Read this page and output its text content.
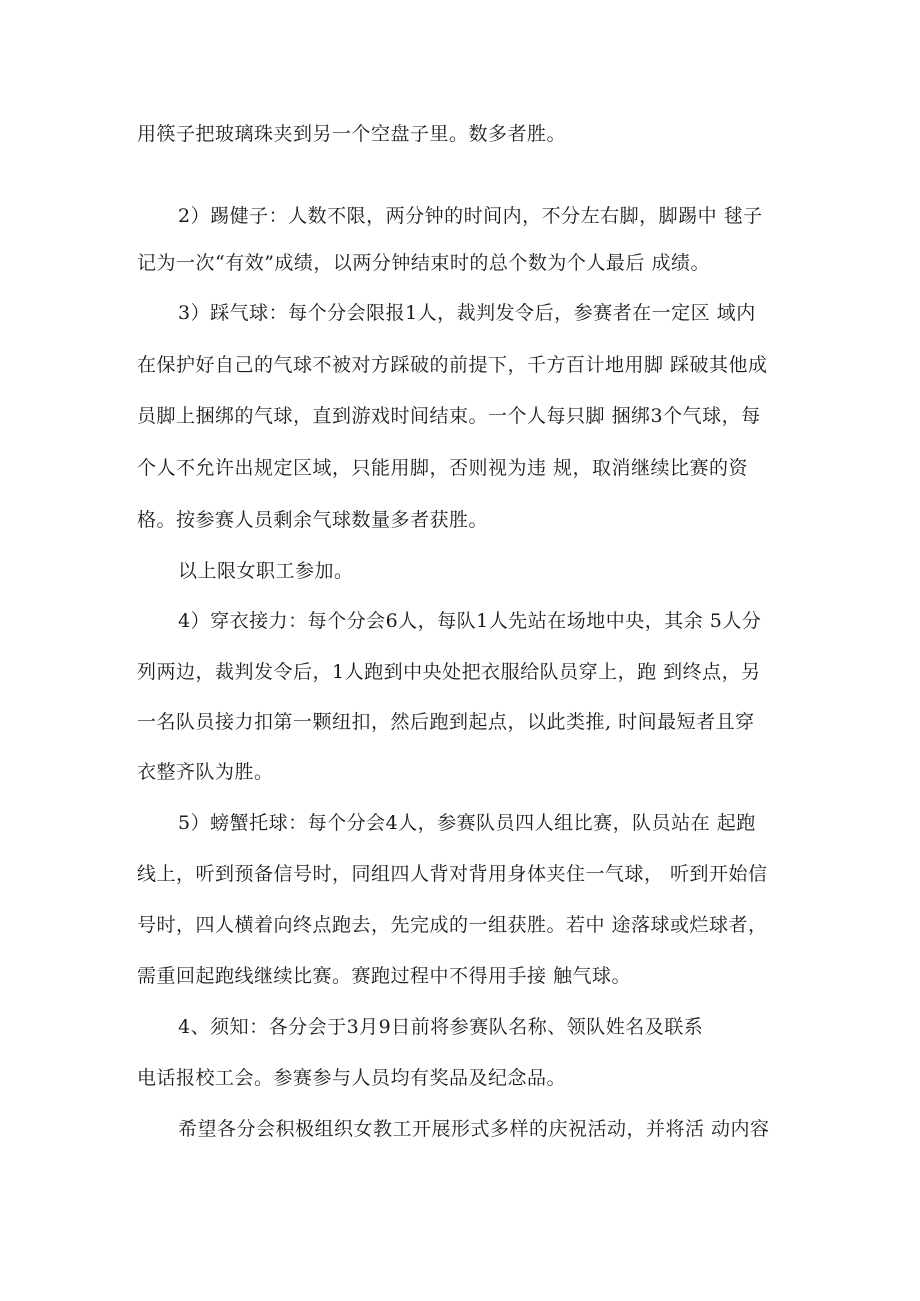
用筷子把玻璃珠夹到另一个空盘子里。数多者胜。
2）踢健子：人数不限，两分钟的时间内，不分左右脚，脚踢中 毬子
记为一次“有效”成绩，以两分钟结束时的总个数为个人最后 成绩。
3）踩气球：每个分会限报1人，裁判发令后，参赛者在一定区 域内
在保护好自己的气球不被对方踩破的前提下，千方百计地用脚 踩破其他成
员脚上捆绑的气球，直到游戏时间结束。一个人每只脚 捆绑3个气球，每
个人不允许出规定区域，只能用脚，否则视为违 规，取消继续比赛的资
格。按参赛人员剩余气球数量多者获胜。
以上限女职工参加。
4）穿衣接力：每个分会6人，每队1人先站在场地中央，其余 5人分
列两边，裁判发令后，1人跑到中央处把衣服给队员穿上，跑 到终点，另
一名队员接力扣第一颗纽扣，然后跑到起点，以此类推, 时间最短者且穿
衣整齐队为胜。
5）螃蟹托球：每个分会4人，参赛队员四人组比赛，队员站在 起跑
线上，听到预备信号时，同组四人背对背用身体夹住一气球， 听到开始信
号时，四人横着向终点跑去，先完成的一组获胜。若中 途落球或烂球者，
需重回起跑线继续比赛。赛跑过程中不得用手接 触气球。
4、须知：各分会于3月9日前将参赛队名称、领队姓名及联系
电话报校工会。参赛参与人员均有奖品及纪念品。
希望各分会积极组织女教工开展形式多样的庆祝活动，并将活 动内容
